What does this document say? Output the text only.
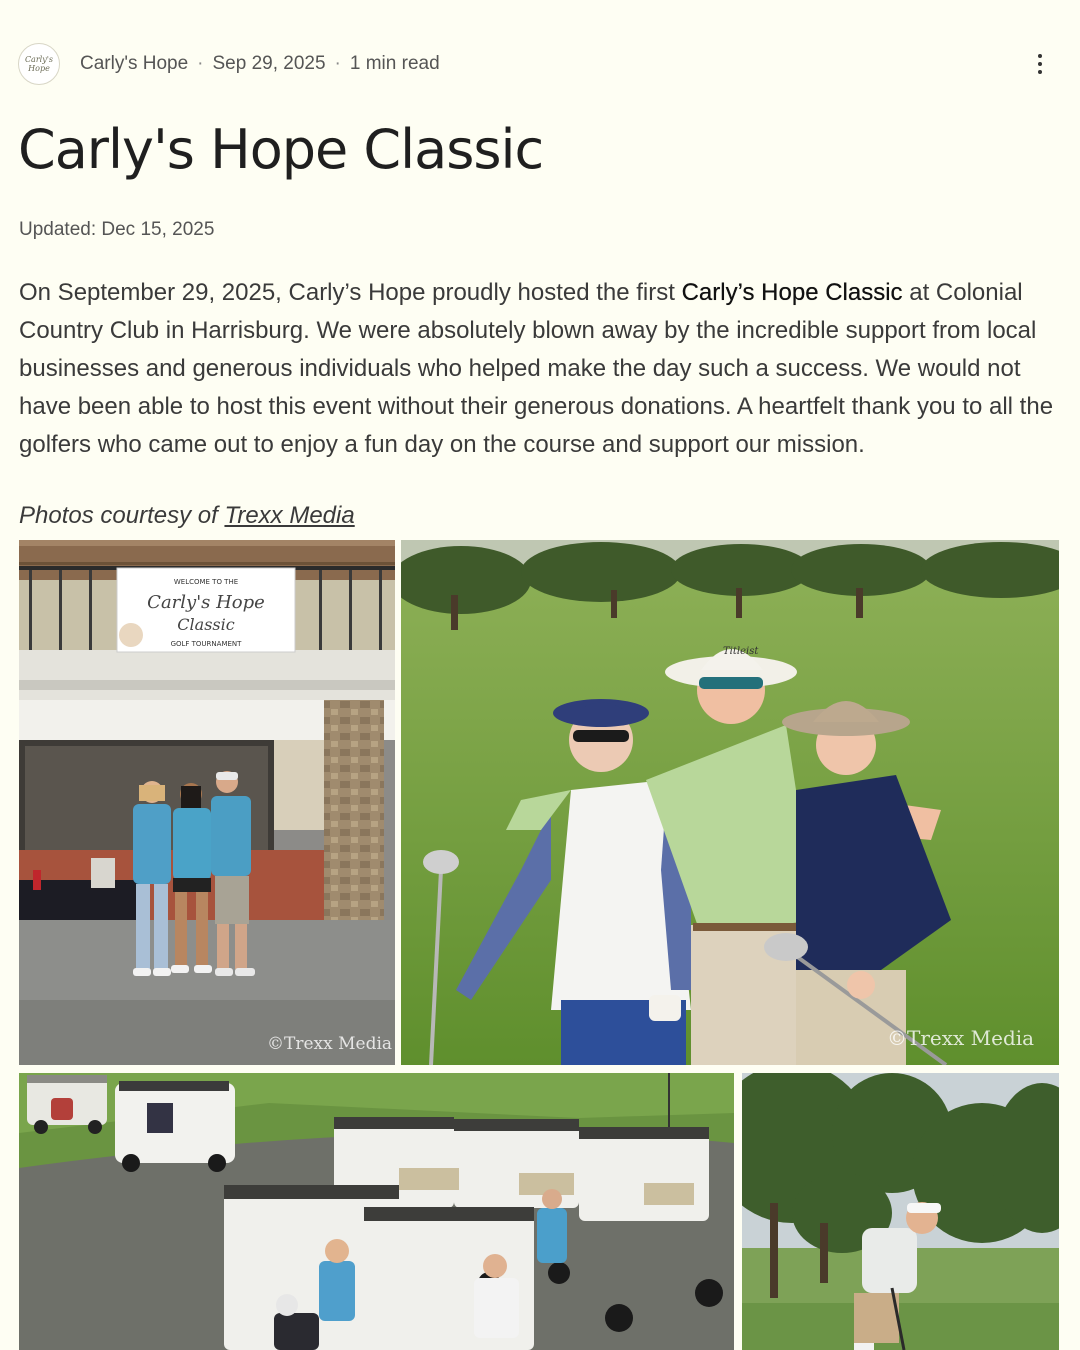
Carly's Hope	Carly's Hope · Sep 29, 2025 · 1 min read
Carly's Hope Classic
Updated: Dec 15, 2025

On September 29, 2025, Carly’s Hope proudly hosted the first Carly’s Hope Classic at Colonial Country Club in Harrisburg. We were absolutely blown away by the incredible support from local businesses and generous individuals who helped make the day such a success. We would not have been able to host this event without their generous donations. A heartfelt thank you to all the golfers who came out to enjoy a fun day on the course and support our mission.

Photos courtesy of Trexx Media
WELCOME TO THE
Carly's Hope
Classic
GOLF TOURNAMENT
©Trexx Media
Titleist
©Trexx Media
